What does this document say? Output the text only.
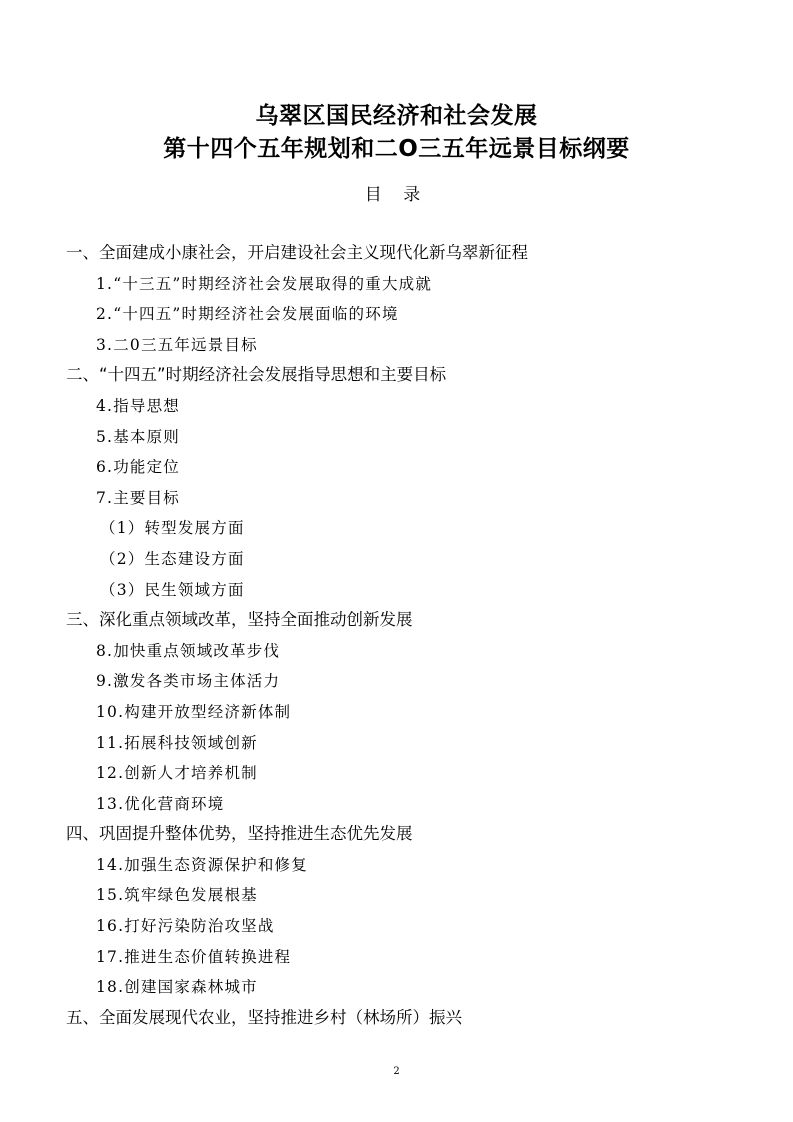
乌翠区国民经济和社会发展
第十四个五年规划和二O三五年远景目标纲要
目 录
一、全面建成小康社会，开启建设社会主义现代化新乌翠新征程
1.“十三五”时期经济社会发展取得的重大成就
2.“十四五”时期经济社会发展面临的环境
3.二0三五年远景目标
二、“十四五”时期经济社会发展指导思想和主要目标
4.指导思想
5.基本原则
6.功能定位
7.主要目标
（1）转型发展方面
（2）生态建设方面
（3）民生领域方面
三、深化重点领域改革，坚持全面推动创新发展
8.加快重点领域改革步伐
9.激发各类市场主体活力
10.构建开放型经济新体制
11.拓展科技领域创新
12.创新人才培养机制
13.优化营商环境
四、巩固提升整体优势，坚持推进生态优先发展
14.加强生态资源保护和修复
15.筑牢绿色发展根基
16.打好污染防治攻坚战
17.推进生态价值转换进程
18.创建国家森林城市
五、全面发展现代农业，坚持推进乡村（林场所）振兴
2
